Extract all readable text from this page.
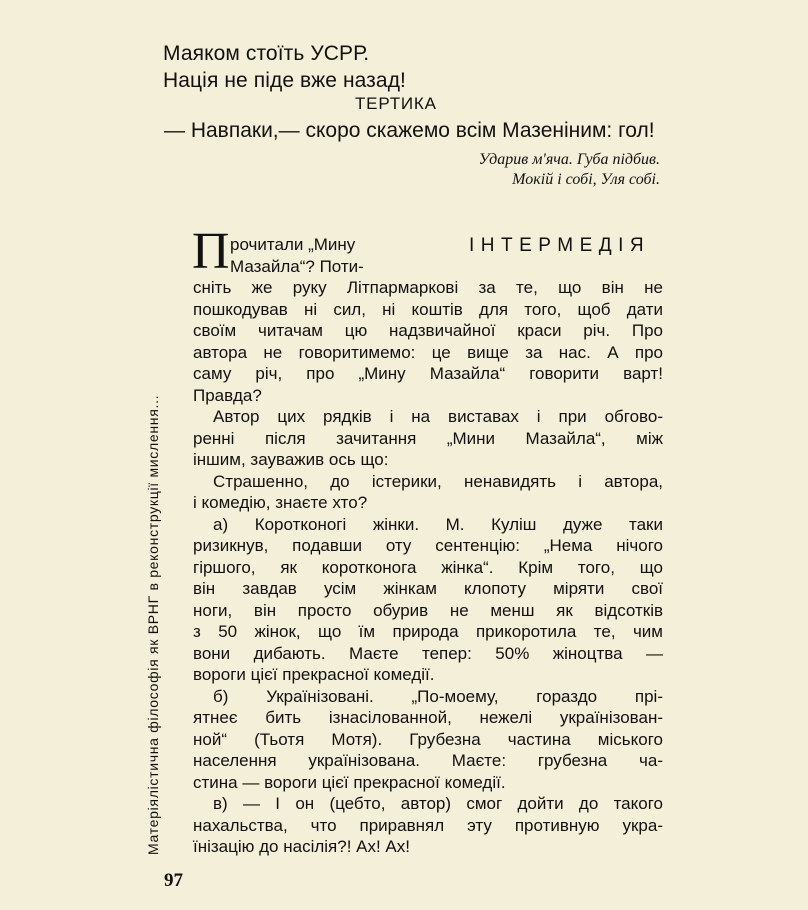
Маяком стоїть УСРР.
Нація не піде вже назад!
ТЕРТИКА
— Навпаки,— скоро скажемо всім Мазеніним: гол!
Ударив м'яча. Губа підбив.
Мокій і собі, Уля собі.
Матеріялістична філософія як ВРНГ в реконструкції мислення...
ІНТЕРМЕДІЯ
П рочитали „Мину
Мазайла“? Поти-
сніть же руку Літпармаркові за те, що він не
пошкодував ні сил, ні коштів для того, щоб дати
своїм читачам цю надзвичайної краси річ. Про
автора не говоритимемо: це вище за нас. А про
саму річ, про „Мину Мазайла“ говорити варт!
Правда?
Автор цих рядків і на виставах і при обгово-
ренні після зачитання „Мини Мазайла“, між
іншим, зауважив ось що:
Страшенно, до істерики, ненавидять і автора,
і комедію, знаєте хто?
а) Коротконогі жінки. М. Куліш дуже таки
ризикнув, подавши оту сентенцію: „Нема нічого
гіршого, як коротконога жінка“. Крім того, що
він завдав усім жінкам клопоту міряти свої
ноги, він просто обурив не менш як відсотків
з 50 жінок, що їм природа прикоротила те, чим
вони дибають. Маєте тепер: 50% жіноцтва —
вороги цієї прекрасної комедії.
б) Українізовані. „По-моему, гораздо прі-
ятнеє бить ізнасілованной, нежелі українізован-
ной“ (Тьотя Мотя). Грубезна частина міського
населення українізована. Маєте: грубезна ча-
стина — вороги цієї прекрасної комедії.
в) — І он (цебто, автор) смог дойти до такого
нахальства, что приравнял эту противную укра-
їнізацію до насілія?! Ах! Ах!
97
